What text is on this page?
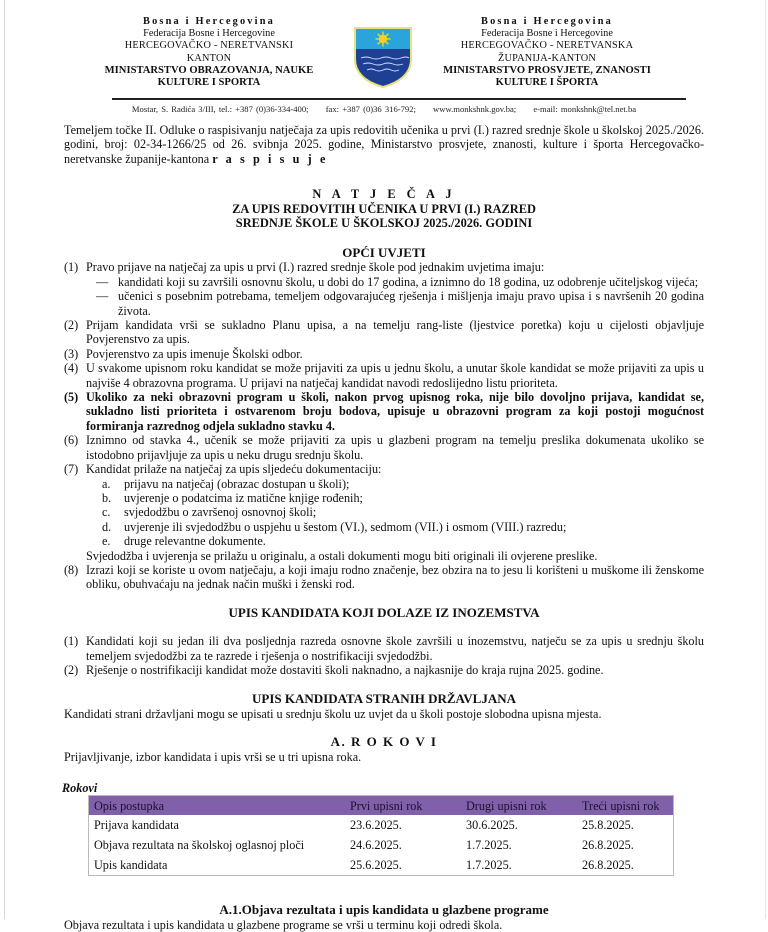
Bosna i Hercegovina
Federacija Bosne i Hercegovine
HERCEGOVAČKO - NERETVANSKI
KANTON
MINISTARSTVO OBRAZOVANJA, NAUKE
KULTURE I SPORTA
Bosna i Hercegovina
Federacija Bosne i Hercegovine
HERCEGOVAČKO - NERETVANSKA
ŽUPANIJA-KANTON
MINISTARSTVO PROSVJETE, ZNANOSTI
KULTURE I ŠPORTA
Mostar, S. Radića 3/III, tel.: +387 (0)36-334-400; fax: +387 (0)36 316-792; www.monkshnk.gov.ba; e-mail: monkshnk@tel.net.ba

Temeljem točke II. Odluke o raspisivanju natječaja za upis redovitih učenika u prvi (I.) razred srednje škole u školskoj 2025./2026. godini, broj: 02-34-1266/25 od 26. svibnja 2025. godine, Ministarstvo prosvjete, znanosti, kulture i športa Hercegovačko-neretvanske županije-kantona r a s p i s u j e

N A T J E Č A J
ZA UPIS REDOVITIH UČENIKA U PRVI (I.) RAZRED
SREDNJE ŠKOLE U ŠKOLSKOJ 2025./2026. GODINI
OPĆI UVJETI
(1) Pravo prijave na natječaj za upis u prvi (I.) razred srednje škole pod jednakim uvjetima imaju:
— kandidati koji su završili osnovnu školu, u dobi do 17 godina, a iznimno do 18 godina, uz odobrenje učiteljskog vijeća;
— učenici s posebnim potrebama, temeljem odgovarajućeg rješenja i mišljenja imaju pravo upisa i s navršenih 20 godina života.
(2) Prijam kandidata vrši se sukladno Planu upisa, a na temelju rang-liste (ljestvice poretka) koju u cijelosti objavljuje Povjerenstvo za upis.
(3) Povjerenstvo za upis imenuje Školski odbor.
(4) U svakome upisnom roku kandidat se može prijaviti za upis u jednu školu, a unutar škole kandidat se može prijaviti za upis u najviše 4 obrazovna programa. U prijavi na natječaj kandidat navodi redoslijedno listu prioriteta.
(5) Ukoliko za neki obrazovni program u školi, nakon prvog upisnog roka, nije bilo dovoljno prijava, kandidat se, sukladno listi prioriteta i ostvarenom broju bodova, upisuje u obrazovni program za koji postoji mogućnost formiranja razrednog odjela sukladno stavku 4.
(6) Iznimno od stavka 4., učenik se može prijaviti za upis u glazbeni program na temelju preslika dokumenata ukoliko se istodobno prijavljuje za upis u neku drugu srednju školu.
(7) Kandidat prilaže na natječaj za upis sljedeću dokumentaciju:
a. prijavu na natječaj (obrazac dostupan u školi);
b. uvjerenje o podatcima iz matične knjige rođenih;
c. svjedodžbu o završenoj osnovnoj školi;
d. uvjerenje ili svjedodžbu o uspjehu u šestom (VI.), sedmom (VII.) i osmom (VIII.) razredu;
e. druge relevantne dokumente.
Svjedodžba i uvjerenja se prilažu u originalu, a ostali dokumenti mogu biti originali ili ovjerene preslike.
(8) Izrazi koji se koriste u ovom natječaju, a koji imaju rodno značenje, bez obzira na to jesu li korišteni u muškome ili ženskome obliku, obuhvaćaju na jednak način muški i ženski rod.
UPIS KANDIDATA KOJI DOLAZE IZ INOZEMSTVA
(1) Kandidati koji su jedan ili dva posljednja razreda osnovne škole završili u inozemstvu, natječu se za upis u srednju školu temeljem svjedodžbi za te razrede i rješenja o nostrifikaciji svjedodžbi.
(2) Rješenje o nostrifikaciji kandidat može dostaviti školi naknadno, a najkasnije do kraja rujna 2025. godine.
UPIS KANDIDATA STRANIH DRŽAVLJANA

Kandidati strani državljani mogu se upisati u srednju školu uz uvjet da u školi postoje slobodna upisna mjesta.

A. R O K O V I

Prijavljivanje, izbor kandidata i upis vrši se u tri upisna roka.

Rokovi
Opis postupka	Prvi upisni rok	Drugi upisni rok	Treći upisni rok
Prijava kandidata	23.6.2025.	30.6.2025.	25.8.2025.
Objava rezultata na školskoj oglasnoj ploči	24.6.2025.	1.7.2025.	26.8.2025.
Upis kandidata	25.6.2025.	1.7.2025.	26.8.2025.
A.1.Objava rezultata i upis kandidata u glazbene programe

Objava rezultata i upis kandidata u glazbene programe se vrši u terminu koji odredi škola.
